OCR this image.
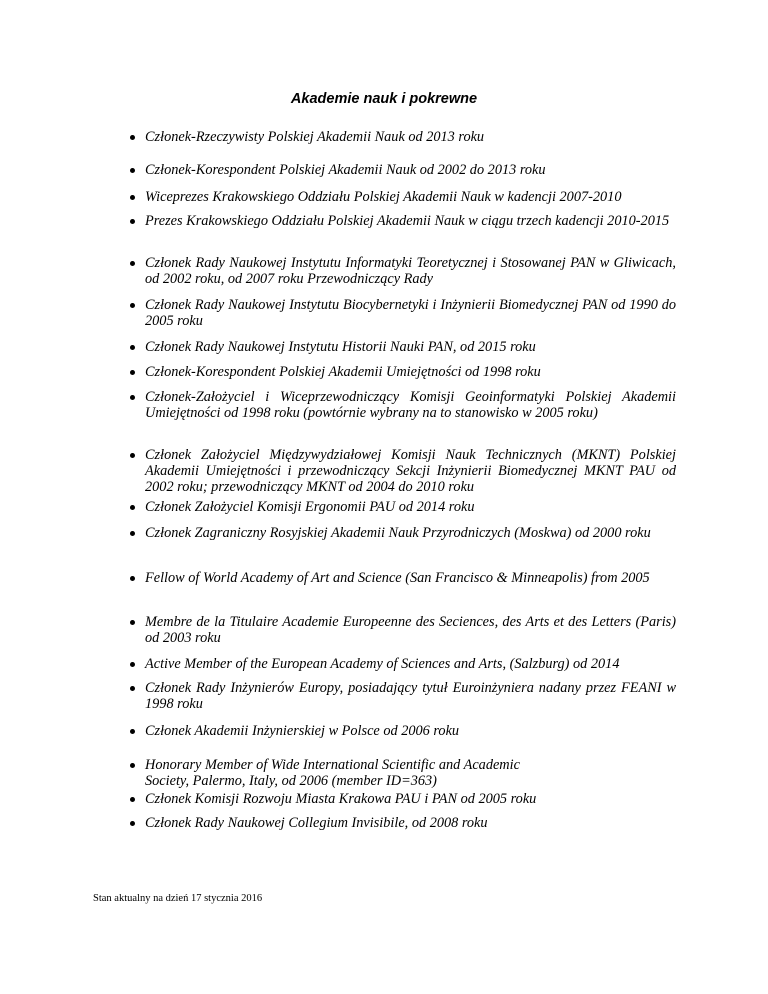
Akademie nauk i pokrewne
Członek-Rzeczywisty Polskiej Akademii Nauk od 2013 roku
Członek-Korespondent Polskiej Akademii Nauk od 2002 do 2013 roku
Wiceprezes Krakowskiego Oddziału Polskiej Akademii Nauk w kadencji 2007-2010
Prezes Krakowskiego Oddziału Polskiej Akademii Nauk w ciągu trzech kadencji 2010-2015
Członek Rady Naukowej Instytutu Informatyki Teoretycznej i Stosowanej PAN w Gliwicach, od 2002 roku, od 2007 roku Przewodniczący Rady
Członek Rady Naukowej Instytutu Biocybernetyki i Inżynierii Biomedycznej PAN od 1990 do 2005 roku
Członek Rady Naukowej Instytutu Historii Nauki PAN, od 2015 roku
Członek-Korespondent Polskiej Akademii Umiejętności od 1998 roku
Członek-Założyciel i Wiceprzewodniczący Komisji Geoinformatyki Polskiej Akademii Umiejętności od 1998 roku (powtórnie wybrany na to stanowisko w 2005 roku)
Członek Założyciel Międzywydziałowej Komisji Nauk Technicznych (MKNT) Polskiej Akademii Umiejętności i przewodniczący Sekcji Inżynierii Biomedycznej MKNT PAU od 2002 roku; przewodniczący MKNT od 2004 do 2010 roku
Członek Założyciel Komisji Ergonomii PAU od 2014 roku
Członek Zagraniczny Rosyjskiej Akademii Nauk Przyrodniczych (Moskwa) od 2000 roku
Fellow of World Academy of Art and Science (San Francisco & Minneapolis) from 2005
Membre de la Titulaire Academie Europeenne des Seciences, des Arts et des Letters (Paris) od 2003 roku
Active Member of the European Academy of Sciences and Arts, (Salzburg) od 2014
Członek Rady Inżynierów Europy, posiadający tytuł Euroinżyniera nadany przez FEANI w 1998 roku
Członek Akademii Inżynierskiej w Polsce od 2006 roku
Honorary Member of Wide International Scientific and Academic Society, Palermo, Italy, od 2006 (member ID=363)
Członek Komisji Rozwoju Miasta Krakowa PAU i PAN od 2005 roku
Członek Rady Naukowej Collegium Invisibile, od 2008 roku
Stan aktualny na dzień 17 stycznia 2016
